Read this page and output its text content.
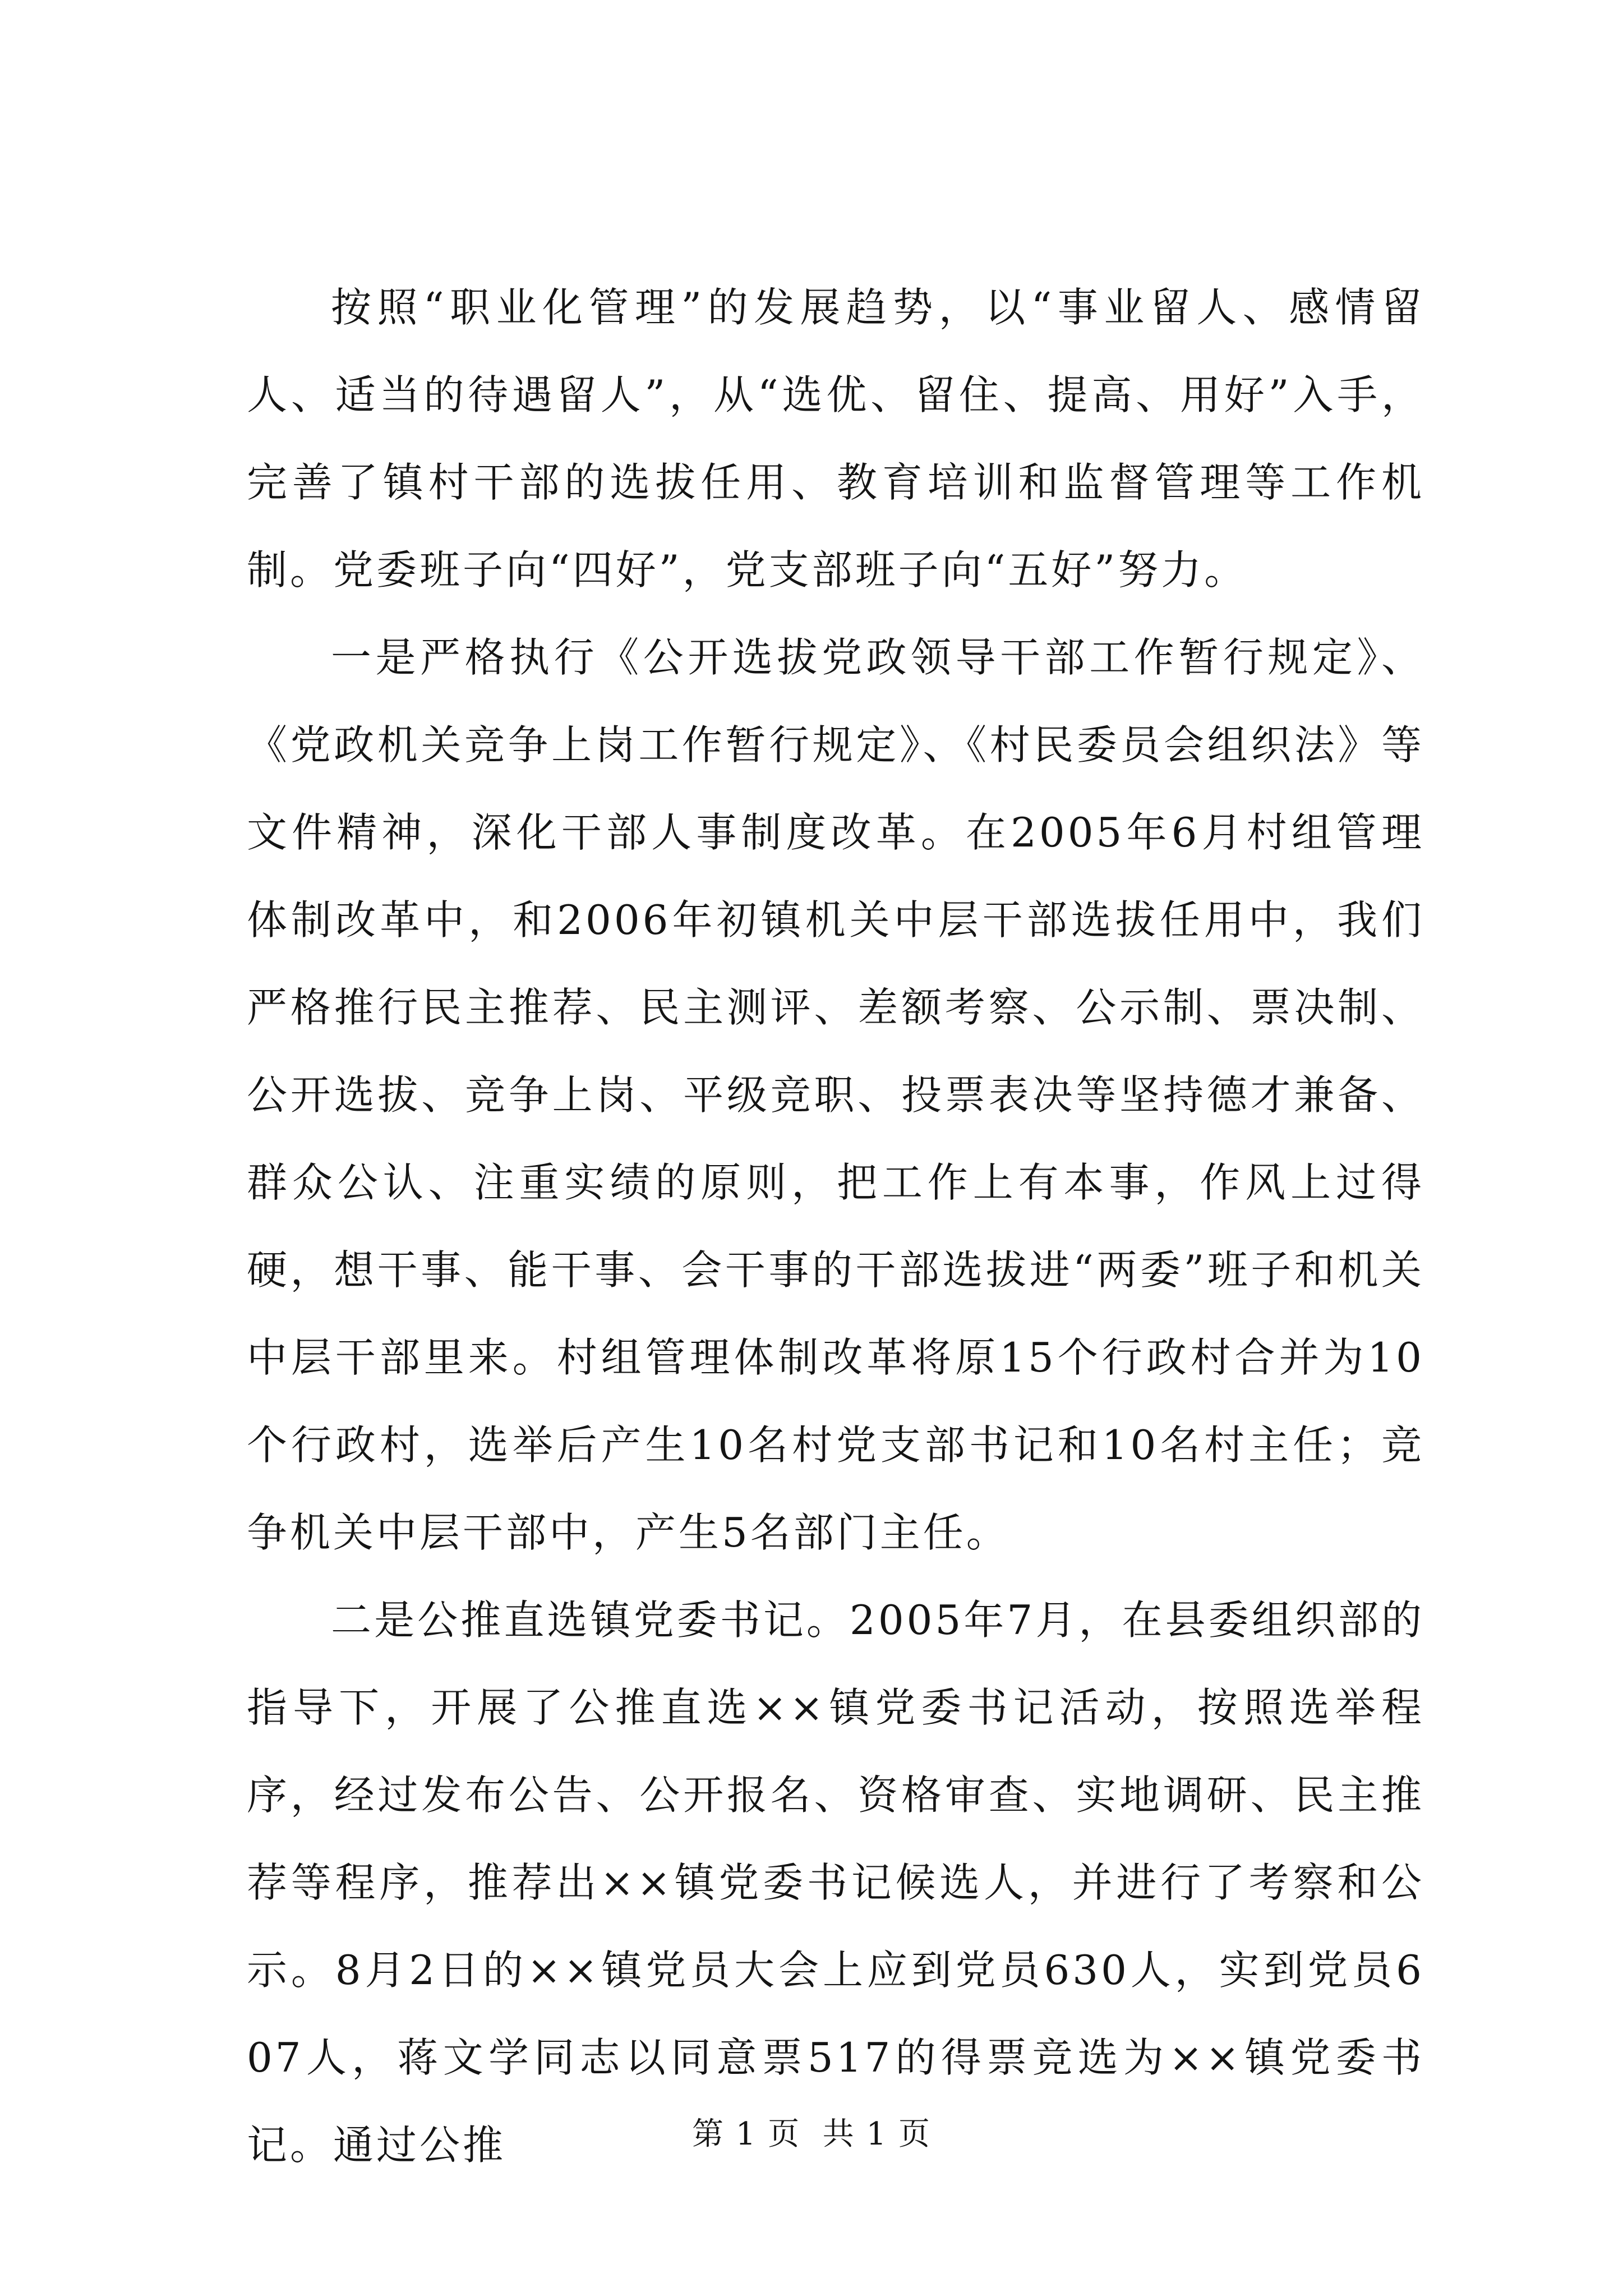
按照“职业化管理”的发展趋势，以“事业留人、感情留人、适当的待遇留人”，从“选优、留住、提高、用好”入手，完善了镇村干部的选拔任用、教育培训和监督管理等工作机制。党委班子向“四好”，党支部班子向“五好”努力。

一是严格执行《公开选拔党政领导干部工作暂行规定》、《党政机关竞争上岗工作暂行规定》、《村民委员会组织法》等文件精神，深化干部人事制度改革。在2005年6月村组管理体制改革中，和2006年初镇机关中层干部选拔任用中，我们严格推行民主推荐、民主测评、差额考察、公示制、票决制、公开选拔、竞争上岗、平级竞职、投票表决等坚持德才兼备、群众公认、注重实绩的原则，把工作上有本事，作风上过得硬，想干事、能干事、会干事的干部选拔进“两委”班子和机关中层干部里来。村组管理体制改革将原15个行政村合并为10个行政村，选举后产生10名村党支部书记和10名村主任；竞争机关中层干部中，产生5名部门主任。

二是公推直选镇党委书记。2005年7月，在县委组织部的指导下，开展了公推直选××镇党委书记活动，按照选举程序，经过发布公告、公开报名、资格审查、实地调研、民主推荐等程序，推荐出××镇党委书记候选人，并进行了考察和公示。8月2日的××镇党员大会上应到党员630人，实到党员607人，蒋文学同志以同意票517的得票竞选为××镇党委书记。通过公推	第 1 页  共 1 页
